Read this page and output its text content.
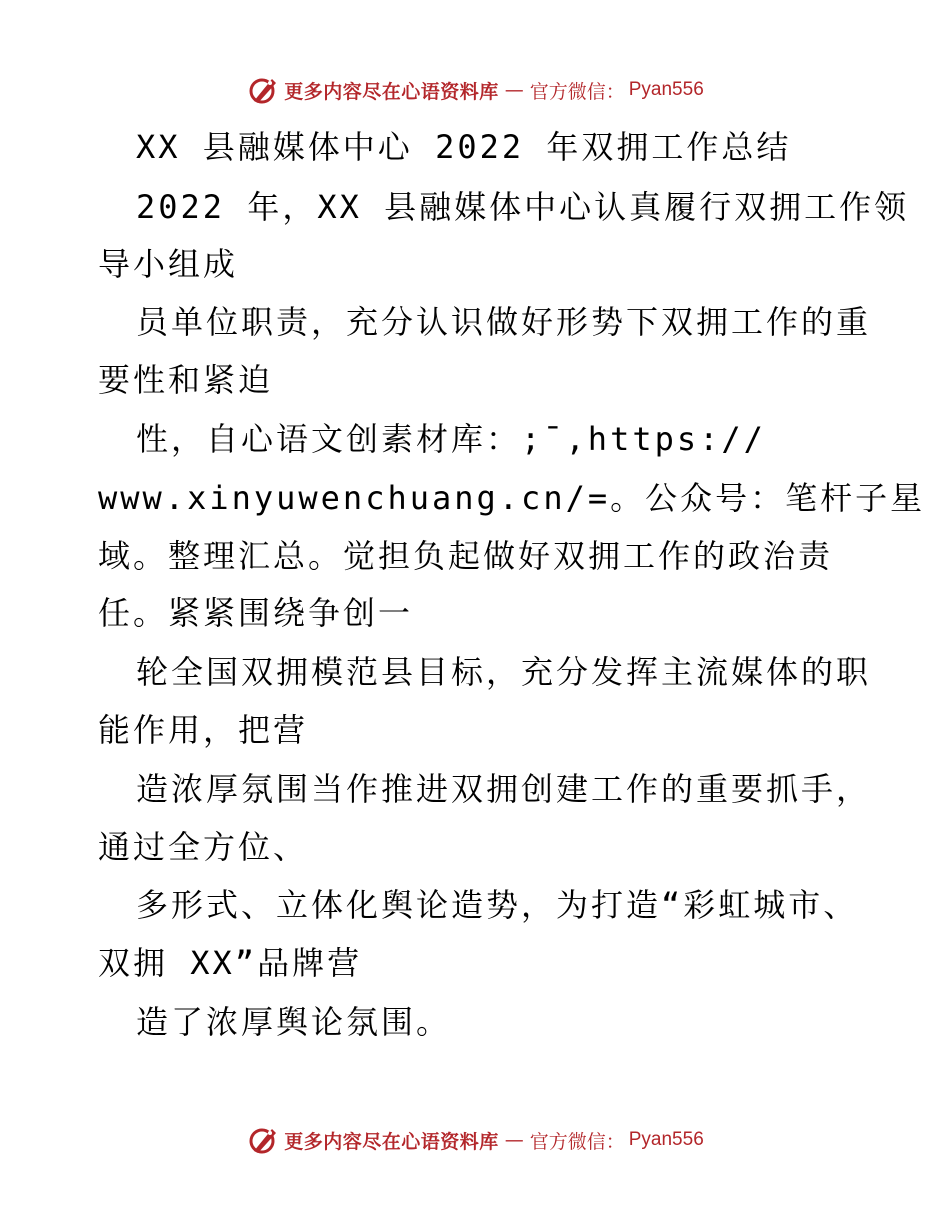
更多内容尽在心语资料库 — 官方微信： Pyan556
XX 县融媒体中心 2022 年双拥工作总结
2022 年，XX 县融媒体中心认真履行双拥工作领
导小组成
员单位职责，充分认识做好形势下双拥工作的重
要性和紧迫
性，自心语文创素材库：;¯,https://
www.xinyuwenchuang.cn/=。公众号：笔杆子星
域。整理汇总。觉担负起做好双拥工作的政治责
任。紧紧围绕争创一
轮全国双拥模范县目标，充分发挥主流媒体的职
能作用，把营
造浓厚氛围当作推进双拥创建工作的重要抓手，
通过全方位、
多形式、立体化舆论造势，为打造“彩虹城市、
双拥 XX”品牌营
造了浓厚舆论氛围。
更多内容尽在心语资料库 — 官方微信： Pyan556
